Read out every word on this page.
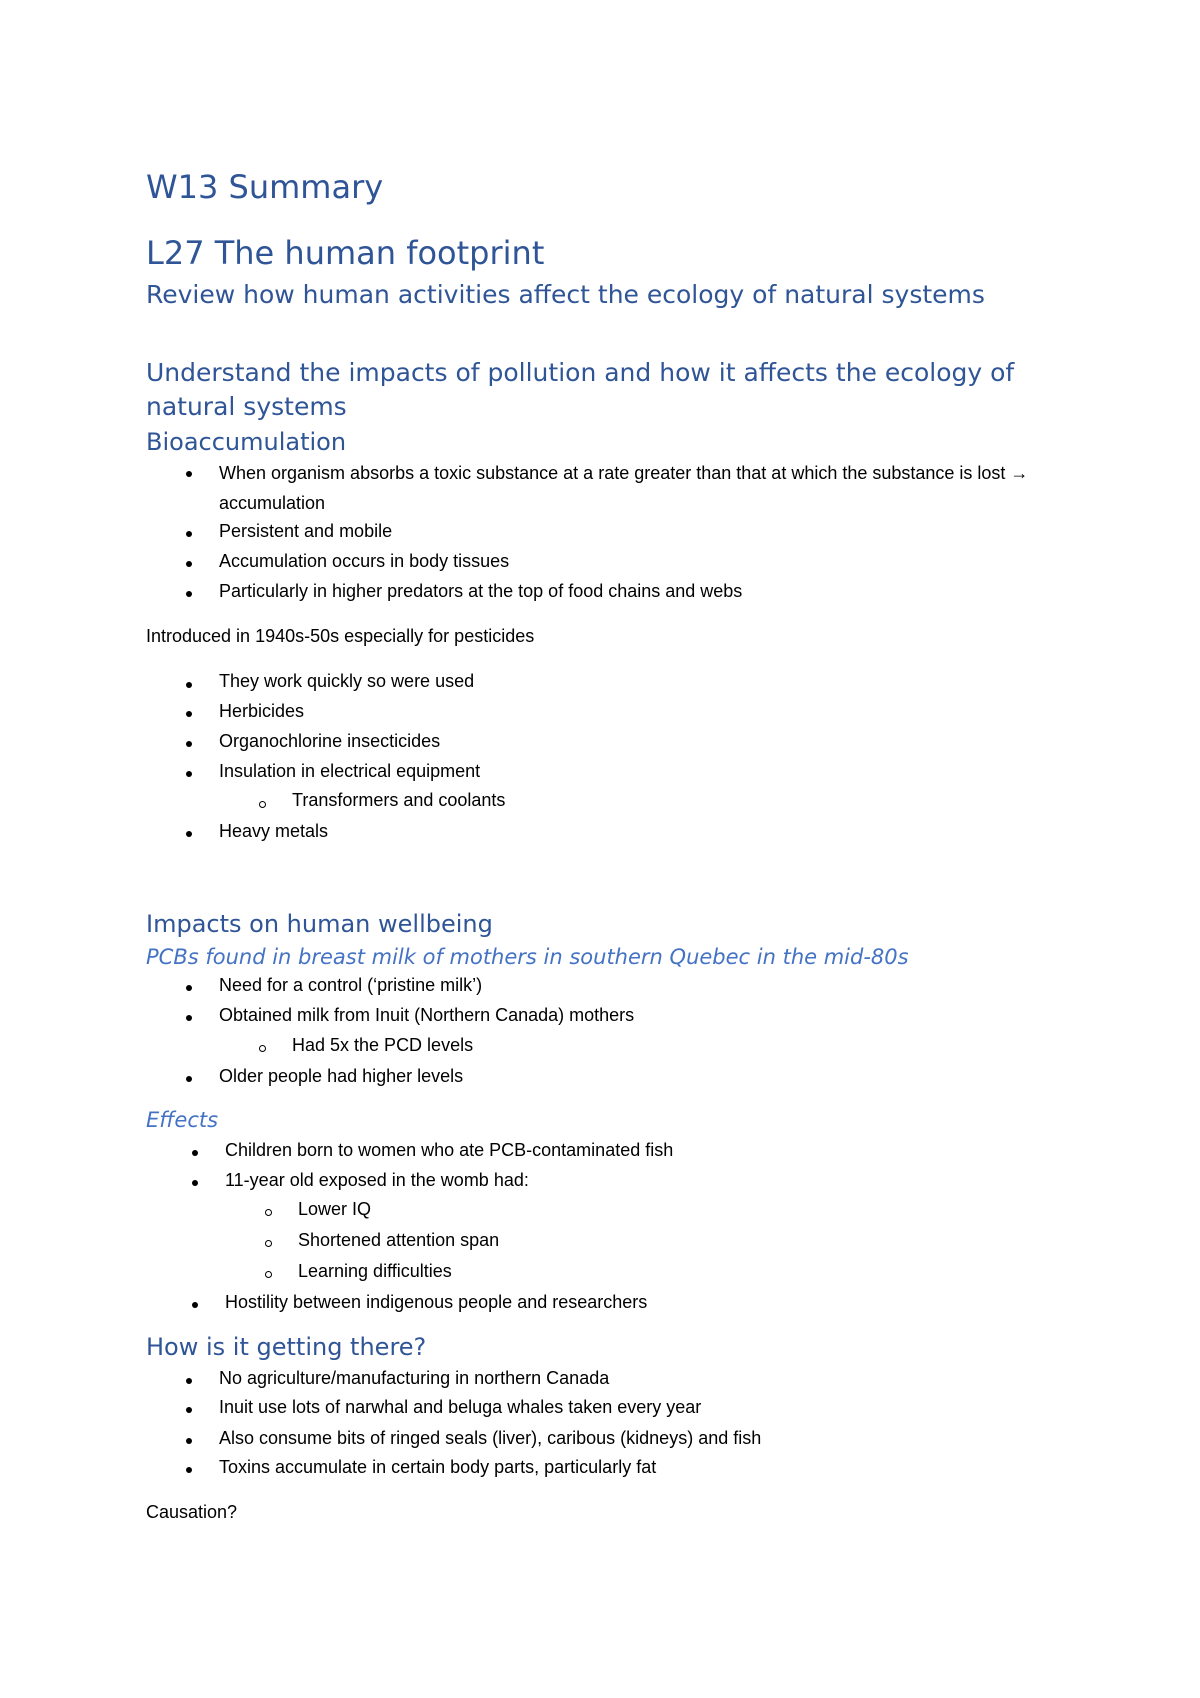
W13 Summary
L27 The human footprint
Review how human activities affect the ecology of natural systems
Understand the impacts of pollution and how it affects the ecology of natural systems
Bioaccumulation
When organism absorbs a toxic substance at a rate greater than that at which the substance is lost → accumulation
Persistent and mobile
Accumulation occurs in body tissues
Particularly in higher predators at the top of food chains and webs

Introduced in 1940s-50s especially for pesticides

They work quickly so were used
Herbicides
Organochlorine insecticides
Insulation in electrical equipment
Transformers and coolants
Heavy metals
Impacts on human wellbeing
PCBs found in breast milk of mothers in southern Quebec in the mid-80s
Need for a control (‘pristine milk’)
Obtained milk from Inuit (Northern Canada) mothers
Had 5x the PCD levels
Older people had higher levels
Effects
Children born to women who ate PCB-contaminated fish
11-year old exposed in the womb had:
Lower IQ
Shortened attention span
Learning difficulties
Hostility between indigenous people and researchers
How is it getting there?
No agriculture/manufacturing in northern Canada
Inuit use lots of narwhal and beluga whales taken every year
Also consume bits of ringed seals (liver), caribous (kidneys) and fish
Toxins accumulate in certain body parts, particularly fat

Causation?
